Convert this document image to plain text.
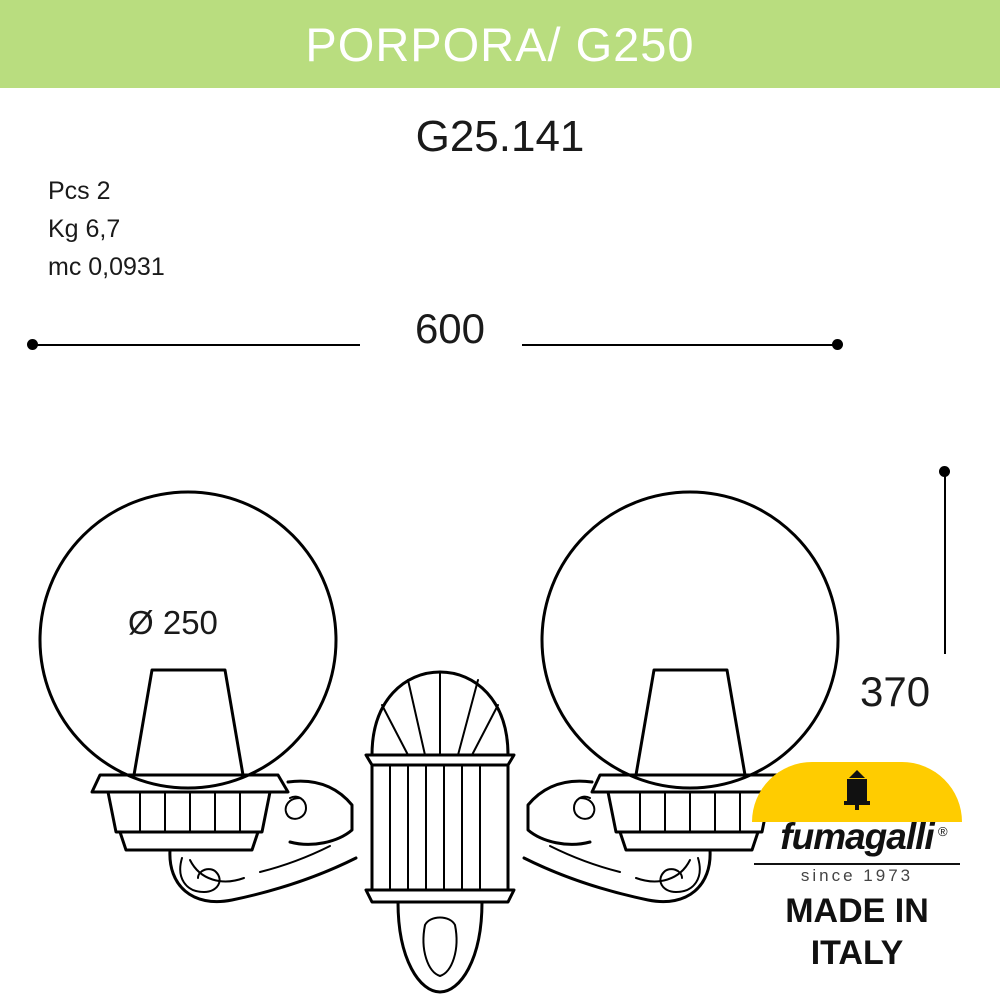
PORPORA/ G250
G25.141
Pcs 2
Kg 6,7
mc 0,0931
600
370
Ø 250
fumagalli ®
since 1973
MADE IN
ITALY
